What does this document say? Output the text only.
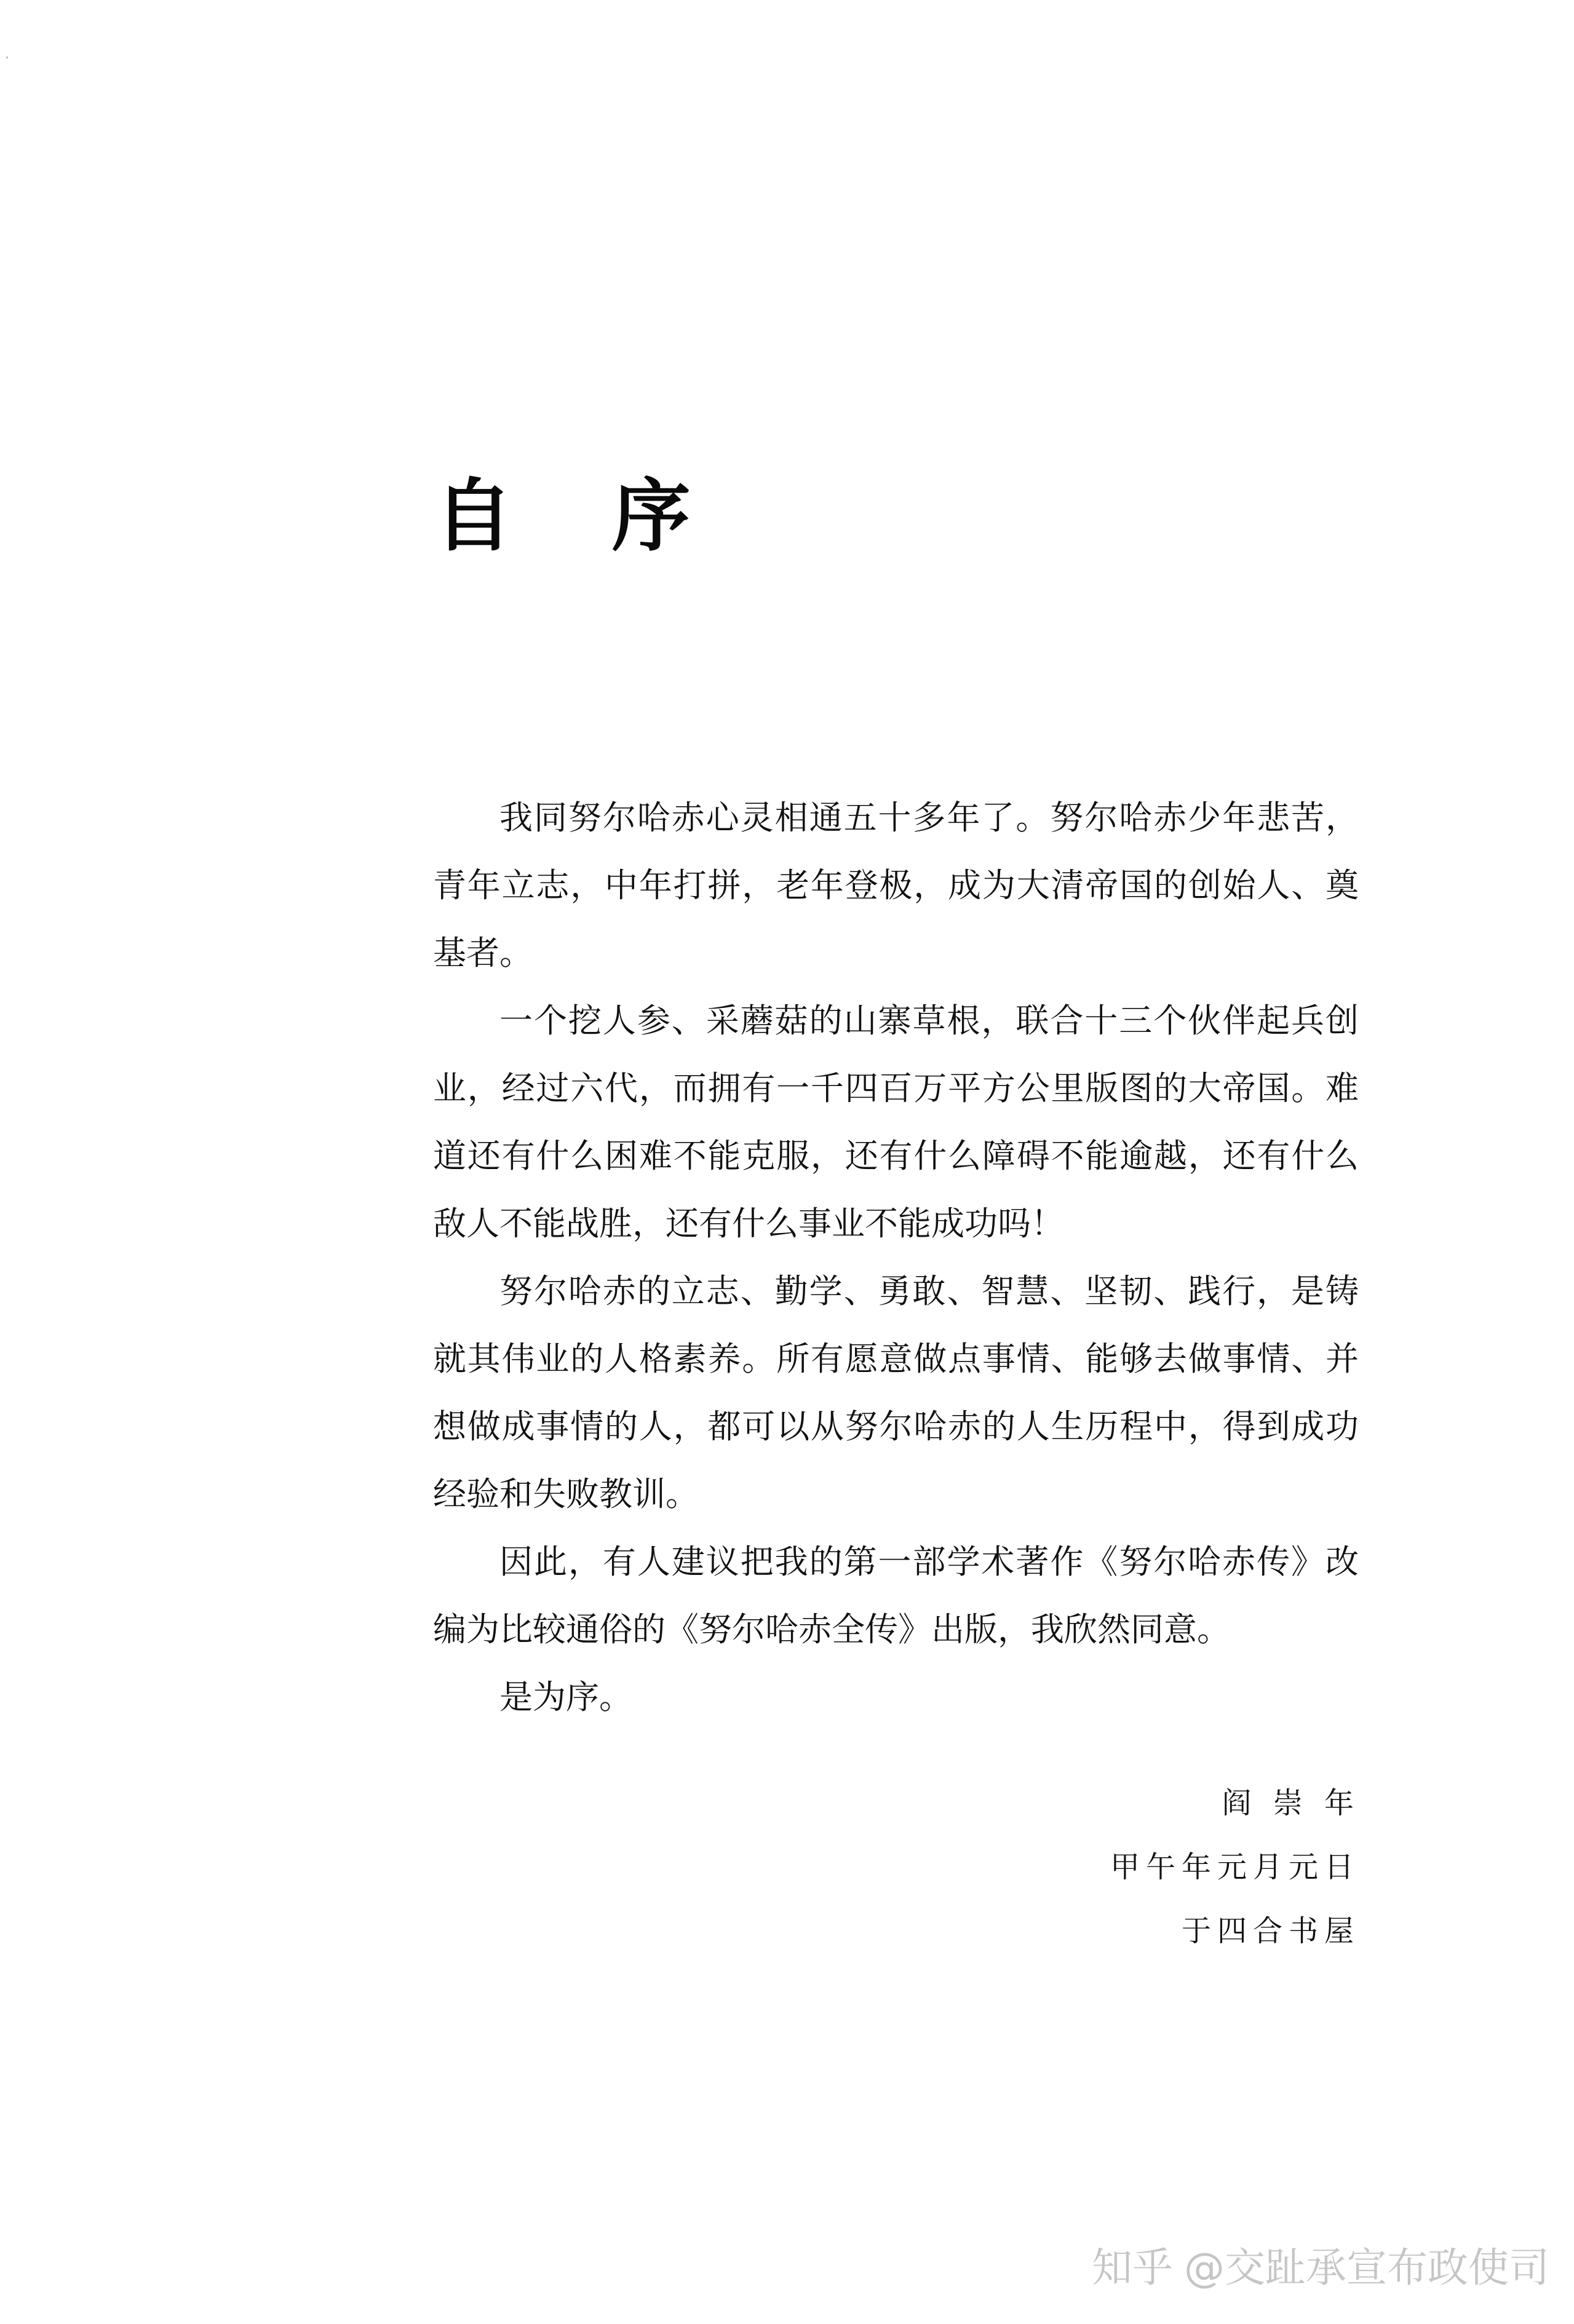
自 序

我同努尔哈赤心灵相通五十多年了。努尔哈赤少年悲苦，青年立志，中年打拼，老年登极，成为大清帝国的创始人、奠基者。

一个挖人参、采蘑菇的山寨草根，联合十三个伙伴起兵创业，经过六代，而拥有一千四百万平方公里版图的大帝国。难道还有什么困难不能克服，还有什么障碍不能逾越，还有什么敌人不能战胜，还有什么事业不能成功吗！

努尔哈赤的立志、勤学、勇敢、智慧、坚韧、践行，是铸就其伟业的人格素养。所有愿意做点事情、能够去做事情、并想做成事情的人，都可以从努尔哈赤的人生历程中，得到成功经验和失败教训。

因此，有人建议把我的第一部学术著作《努尔哈赤传》改编为比较通俗的《努尔哈赤全传》出版，我欣然同意。

是为序。

阎 崇 年
甲午年元月元日
于四合书屋
知乎 @交趾承宣布政使司
